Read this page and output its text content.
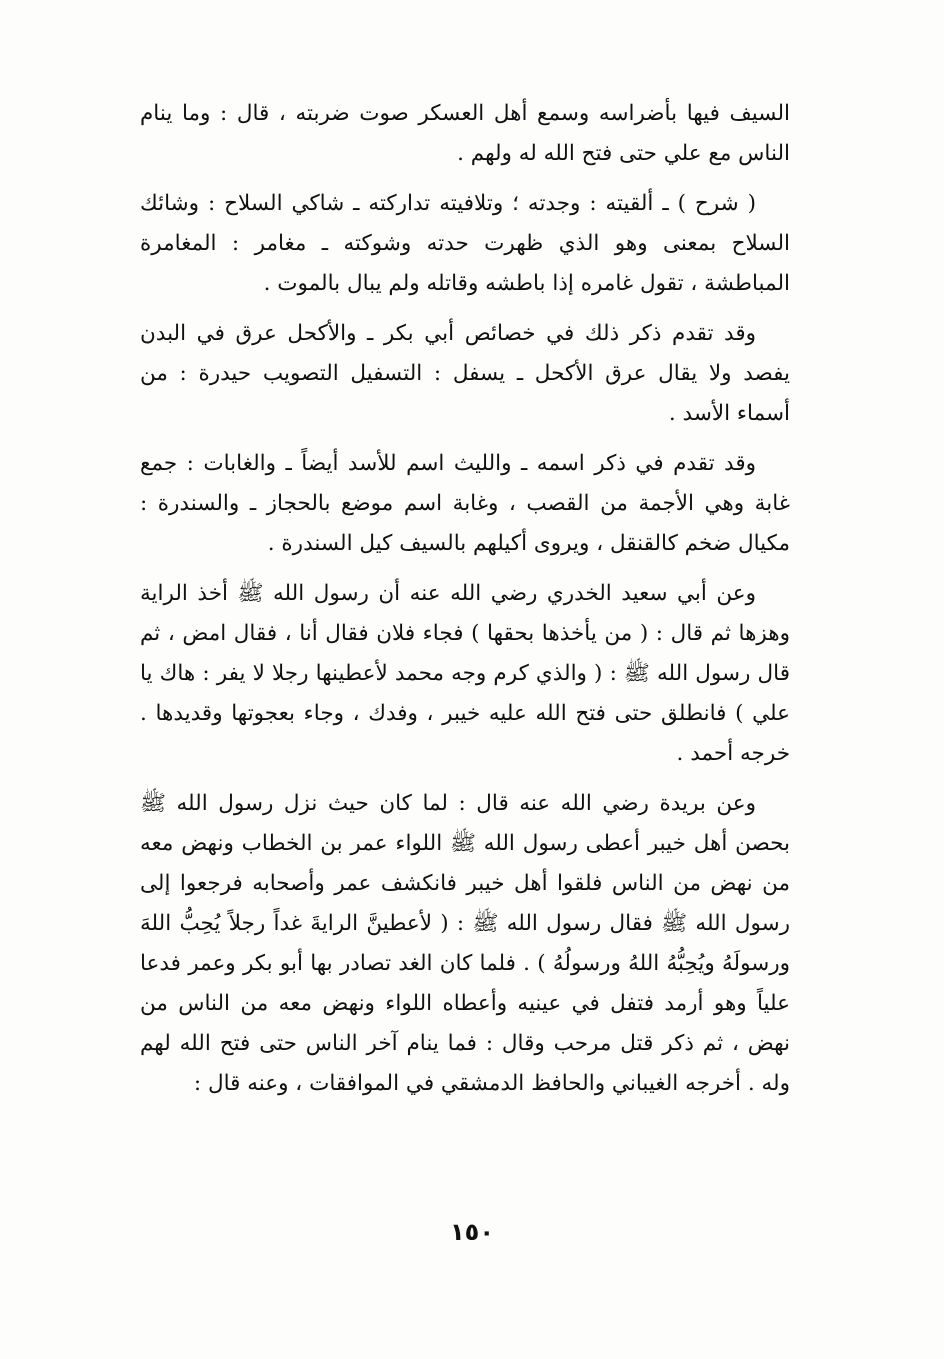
السيف فيها بأضراسه وسمع أهل العسكر صوت ضربته ، قال : وما ينام الناس مع علي حتى فتح الله له ولهم .

( شرح ) ـ ألقيته : وجدته ؛ وتلافيته تداركته ـ شاكي السلاح : وشائك السلاح بمعنى وهو الذي ظهرت حدته وشوكته ـ مغامر : المغامرة المباطشة ، تقول غامره إذا باطشه وقاتله ولم يبال بالموت .

وقد تقدم ذكر ذلك في خصائص أبي بكر ـ والأكحل عرق في البدن يفصد ولا يقال عرق الأكحل ـ يسفل : التسفيل التصويب حيدرة : من أسماء الأسد .

وقد تقدم في ذكر اسمه ـ والليث اسم للأسد أيضاً ـ والغابات : جمع غابة وهي الأجمة من القصب ، وغابة اسم موضع بالحجاز ـ والسندرة : مكيال ضخم كالقنقل ، ويروى أكيلهم بالسيف كيل السندرة .

وعن أبي سعيد الخدري رضي الله عنه أن رسول الله ﷺ أخذ الراية وهزها ثم قال : ( من يأخذها بحقها ) فجاء فلان فقال أنا ، فقال امض ، ثم قال رسول الله ﷺ : ( والذي كرم وجه محمد لأعطينها رجلا لا يفر : هاك يا علي ) فانطلق حتى فتح الله عليه خيبر ، وفدك ، وجاء بعجوتها وقديدها . خرجه أحمد .

وعن بريدة رضي الله عنه قال : لما كان حيث نزل رسول الله ﷺ بحصن أهل خيبر أعطى رسول الله ﷺ اللواء عمر بن الخطاب ونهض معه من نهض من الناس فلقوا أهل خيبر فانكشف عمر وأصحابه فرجعوا إلى رسول الله ﷺ فقال رسول الله ﷺ : ( لأعطينَّ الرايةَ غداً رجلاً يُحِبُّ اللهَ ورسولَهُ ويُحِبُّهُ اللهُ ورسولُهُ ) . فلما كان الغد تصادر بها أبو بكر وعمر فدعا علياً وهو أرمد فتفل في عينيه وأعطاه اللواء ونهض معه من الناس من نهض ، ثم ذكر قتل مرحب وقال : فما ينام آخر الناس حتى فتح الله لهم وله . أخرجه الغيباني والحافظ الدمشقي في الموافقات ، وعنه قال :

١٥٠
